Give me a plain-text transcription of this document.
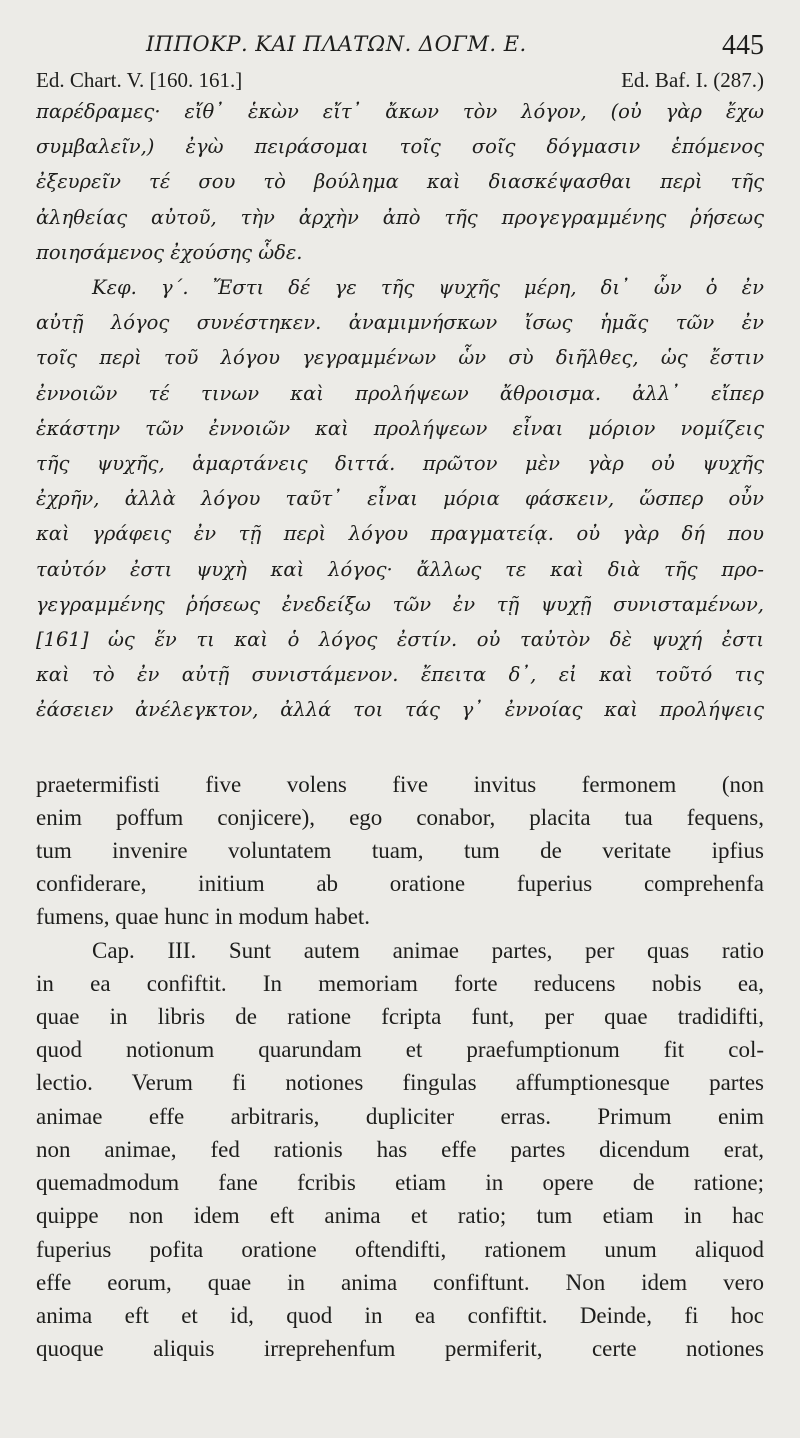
ΙΠΠΟΚΡ. ΚΑΙ ΠΛΑΤΩΝ. ΔΟΓΜ. Ε.	445
Ed. Chart. V. [160. 161.]	Ed. Baf. I. (287.)
παρέδραμες· εἴθ᾽ ἑκὼν εἴτ᾽ ἄκων τὸν λόγον, (οὐ γὰρ ἔχω
συμβαλεῖν,) ἐγὼ πειράσομαι τοῖς σοῖς δόγμασιν ἑπόμενος
ἐξευρεῖν τέ σου τὸ βούλημα καὶ διασκέψασθαι περὶ τῆς
ἀληθείας αὐτοῦ, τὴν ἀρχὴν ἀπὸ τῆς προγεγραμμένης ῥήσεως
ποιησάμενος ἐχούσης ὧδε.
Κεφ. γ΄. Ἔστι δέ γε τῆς ψυχῆς μέρη, δι᾽ ὧν ὁ ἐν
αὐτῇ λόγος συνέστηκεν. ἀναμιμνήσκων ἴσως ἡμᾶς τῶν ἐν
τοῖς περὶ τοῦ λόγου γεγραμμένων ὧν σὺ διῆλθες, ὡς ἔστιν
ἐννοιῶν τέ τινων καὶ προλήψεων ἄθροισμα. ἀλλ᾽ εἴπερ
ἑκάστην τῶν ἐννοιῶν καὶ προλήψεων εἶναι μόριον νομίζεις
τῆς ψυχῆς, ἁμαρτάνεις διττά. πρῶτον μὲν γὰρ οὐ ψυχῆς
ἐχρῆν, ἀλλὰ λόγου ταῦτ᾽ εἶναι μόρια φάσκειν, ὥσπερ οὖν
καὶ γράφεις ἐν τῇ περὶ λόγου πραγματείᾳ. οὐ γὰρ δή που
ταὐτόν ἐστι ψυχὴ καὶ λόγος· ἄλλως τε καὶ διὰ τῆς προ-
γεγραμμένης ῥήσεως ἐνεδείξω τῶν ἐν τῇ ψυχῇ συνισταμένων,
[161] ὡς ἕν τι καὶ ὁ λόγος ἐστίν. οὐ ταὐτὸν δὲ ψυχή ἐστι
καὶ τὸ ἐν αὐτῇ συνιστάμενον. ἔπειτα δ᾽, εἰ καὶ τοῦτό τις
ἐάσειεν ἀνέλεγκτον, ἀλλά τοι τάς γ᾽ ἐννοίας καὶ προλήψεις
praetermifisti five volens five invitus fermonem (non
enim poffum conjicere), ego conabor, placita tua fequens,
tum invenire voluntatem tuam, tum de veritate ipfius
confiderare, initium ab oratione fuperius comprehenfa
fumens, quae hunc in modum habet.
Cap. III. Sunt autem animae partes, per quas ratio
in ea confiftit. In memoriam forte reducens nobis ea,
quae in libris de ratione fcripta funt, per quae tradidifti,
quod notionum quarundam et praefumptionum fit col-
lectio. Verum fi notiones fingulas affumptionesque partes
animae effe arbitraris, dupliciter erras. Primum enim
non animae, fed rationis has effe partes dicendum erat,
quemadmodum fane fcribis etiam in opere de ratione;
quippe non idem eft anima et ratio; tum etiam in hac
fuperius pofita oratione oftendifti, rationem unum aliquod
effe eorum, quae in anima confiftunt. Non idem vero
anima eft et id, quod in ea confiftit. Deinde, fi hoc
quoque aliquis irreprehenfum permiferit, certe notiones
